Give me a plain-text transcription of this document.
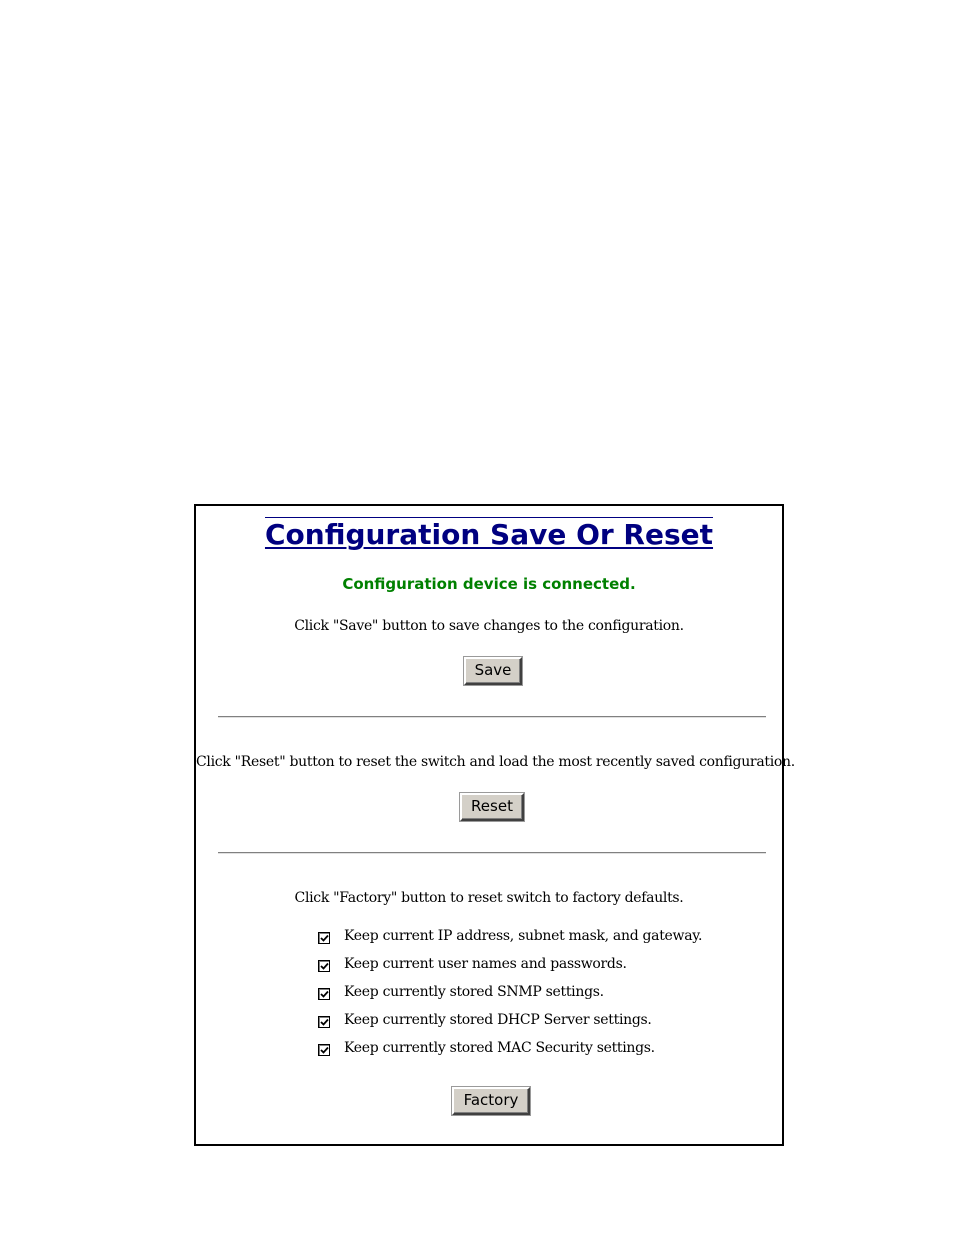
Configuration Save Or Reset
Configuration device is connected.
Click "Save" button to save changes to the configuration.
Save
Click "Reset" button to reset the switch and load the most recently saved configuration.
Reset
Click "Factory" button to reset switch to factory defaults.
Keep current IP address, subnet mask, and gateway.
Keep current user names and passwords.
Keep currently stored SNMP settings.
Keep currently stored DHCP Server settings.
Keep currently stored MAC Security settings.
Factory
